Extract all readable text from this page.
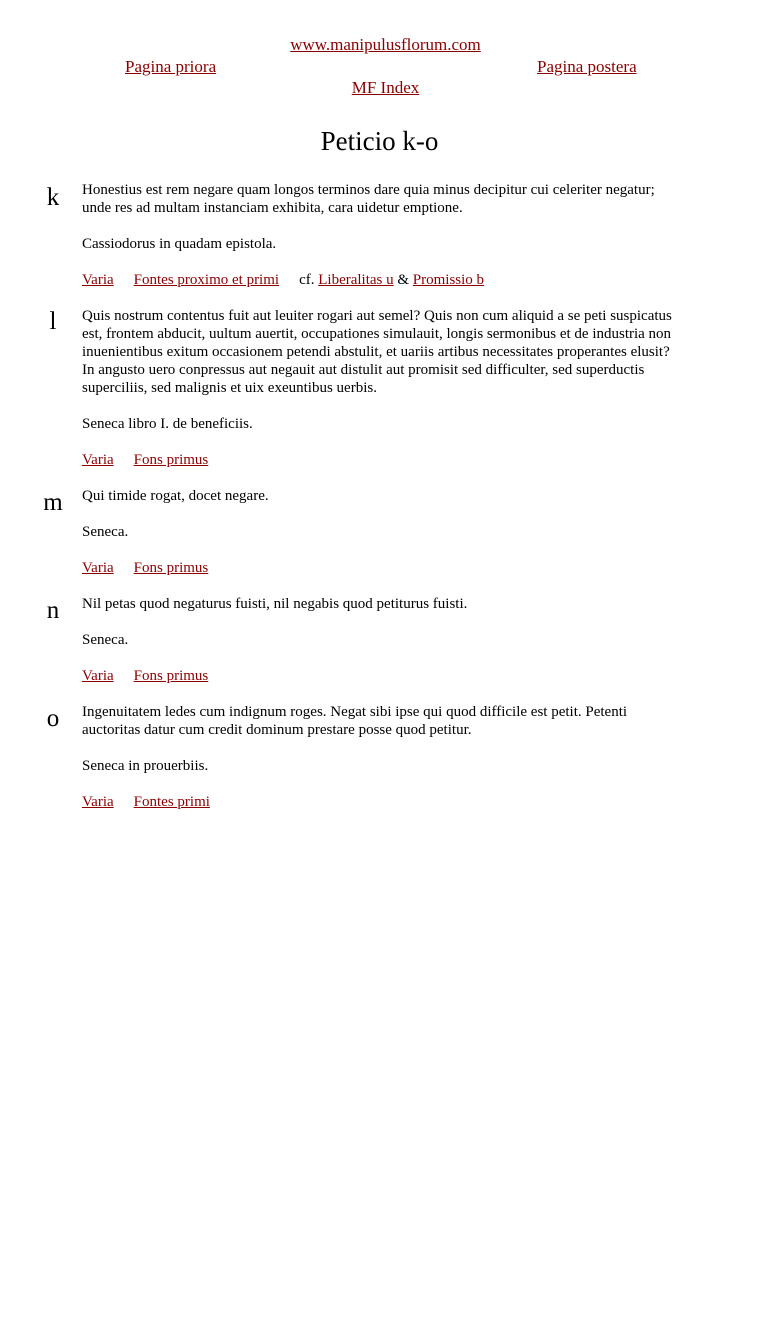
www.manipulusflorum.com
Pagina priora	Pagina postera
MF Index
Peticio k-o
k Honestius est rem negare quam longos terminos dare quia minus decipitur cui celeriter negatur; unde res ad multam instanciam exhibita, cara uidetur emptione.

Cassiodorus in quadam epistola.

Varia Fontes proximo et primi cf. Liberalitas u & Promissio b

l	Quis nostrum contentus fuit aut leuiter rogari aut semel? Quis non cum aliquid a se peti suspicatus est, frontem abducit, uultum auertit, occupationes simulauit, longis sermonibus et de industria non inuenientibus exitum occasionem petendi abstulit, et uariis artibus necessitates properantes elusit? In angusto uero conpressus aut negauit aut distulit aut promisit sed difficulter, sed superductis superciliis, sed malignis et uix exeuntibus uerbis.

Seneca libro I. de beneficiis.

Varia Fons primus

m Qui timide rogat, docet negare.

Seneca.

Varia Fons primus

n Nil petas quod negaturus fuisti, nil negabis quod petiturus fuisti.

Seneca.

Varia Fons primus

o Ingenuitatem ledes cum indignum roges. Negat sibi ipse qui quod difficile est petit. Petenti auctoritas datur cum credit dominum prestare posse quod petitur.

Seneca in prouerbiis.

Varia Fontes primi
